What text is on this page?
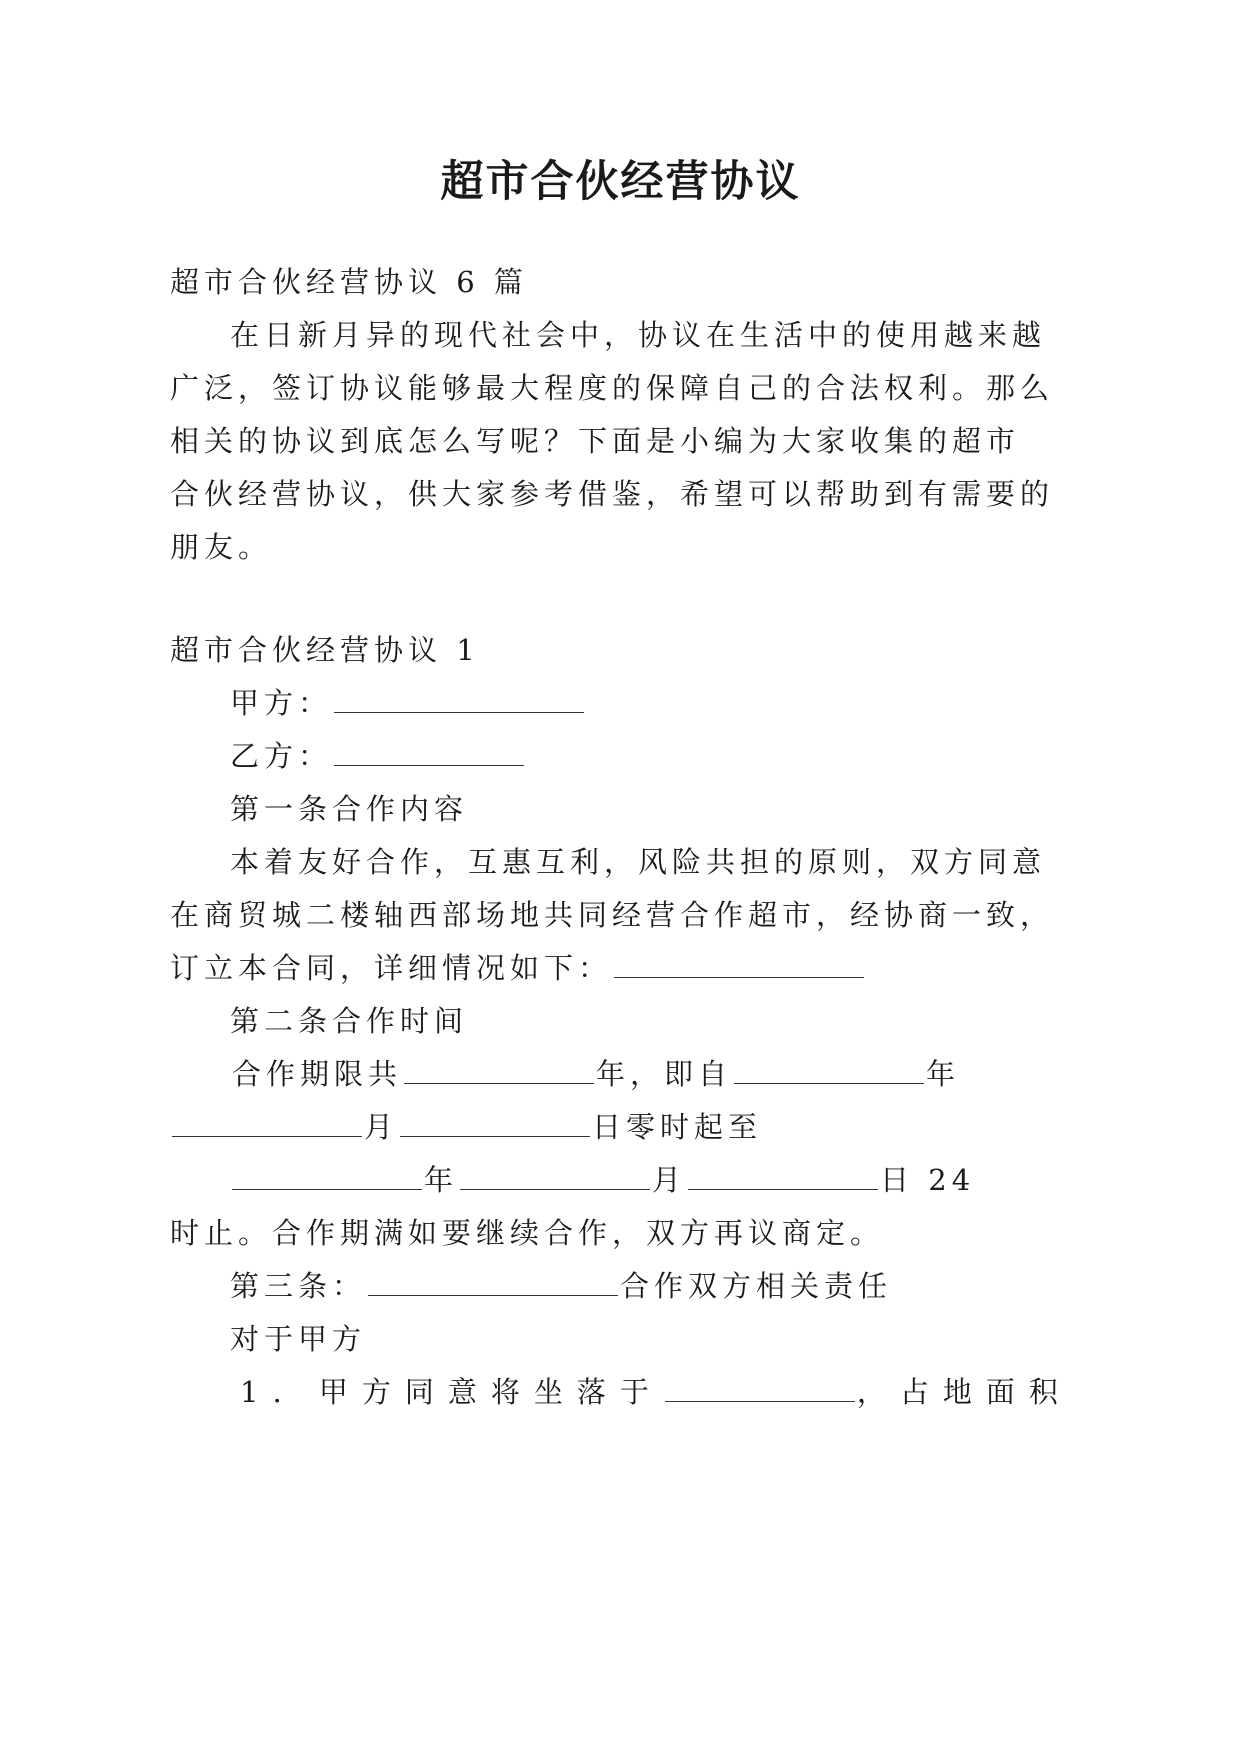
超市合伙经营协议
超市合伙经营协议 6 篇
在日新月异的现代社会中，协议在生活中的使用越来越
广泛，签订协议能够最大程度的保障自己的合法权利。那么
相关的协议到底怎么写呢？下面是小编为大家收集的超市
合伙经营协议，供大家参考借鉴，希望可以帮助到有需要的
朋友。
超市合伙经营协议 1
甲方：
乙方：
第一条合作内容
本着友好合作，互惠互利，风险共担的原则，双方同意
在商贸城二楼轴西部场地共同经营合作超市，经协商一致，
订立本合同，详细情况如下：
第二条合作时间
合作期限共	年，即自	年
月	日零时起至
年	月	日 24
时止。合作期满如要继续合作，双方再议商定。
第三条：	合作双方相关责任
对于甲方
1. 甲方同意将坐落于	，占地面积
